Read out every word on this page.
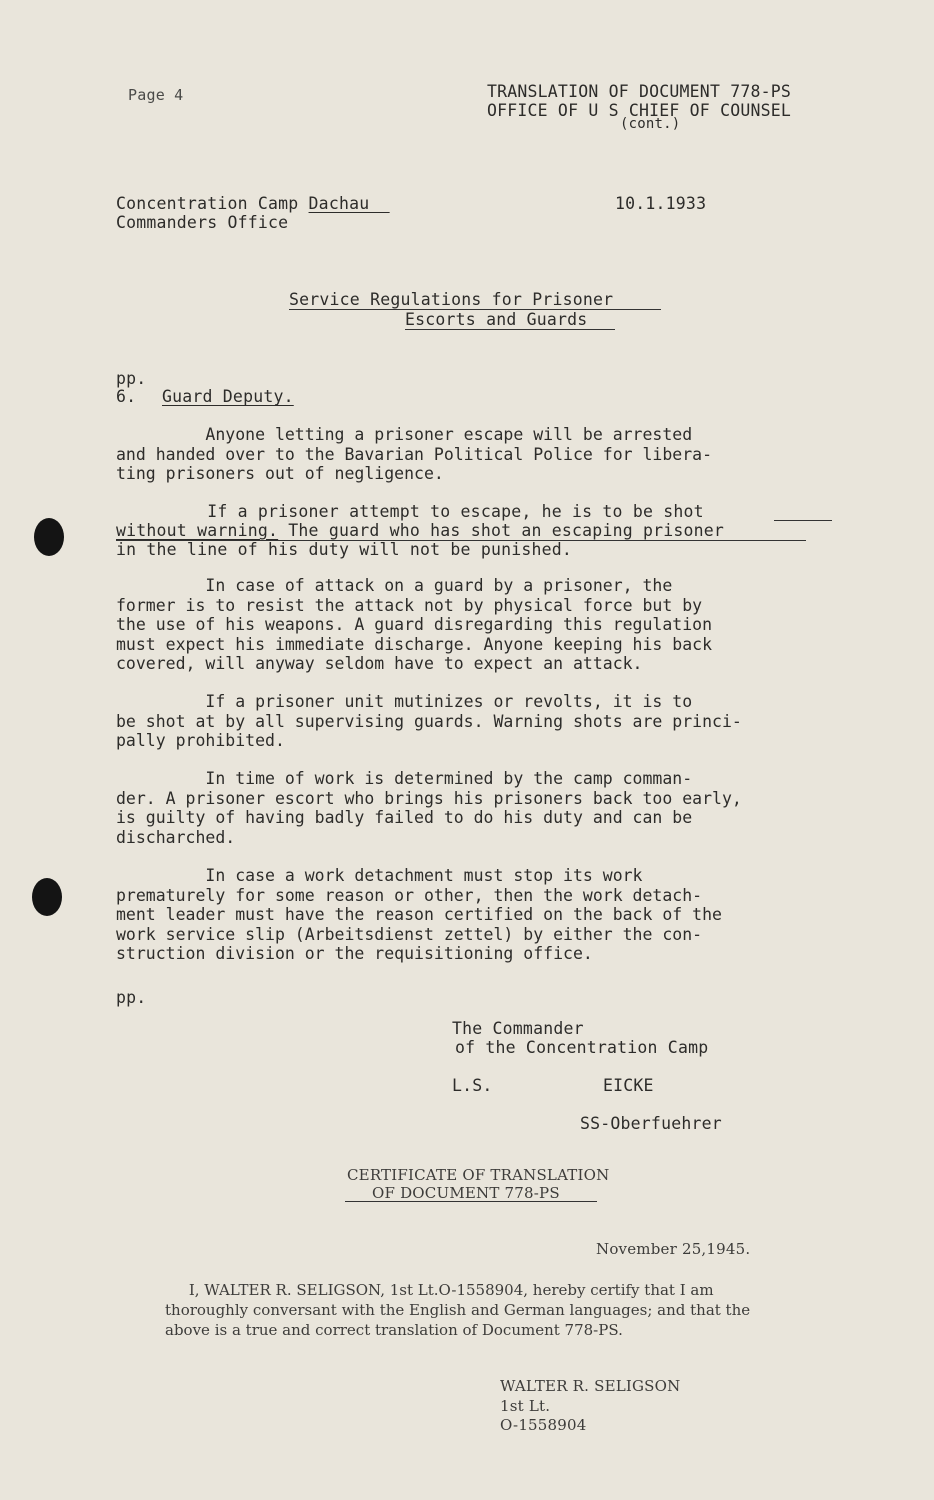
Page 4	TRANSLATION OF DOCUMENT 778-PS
OFFICE OF U S CHIEF OF COUNSEL
(cont.)
Concentration Camp Dachau
Commanders Office
10.1.1933
Service Regulations for Prisoner
Escorts and Guards
pp.
6. Guard Deputy.
Anyone letting a prisoner escape will be arrested
and handed over to the Bavarian Political Police for libera-
ting prisoners out of negligence.
If a prisoner attempt to escape, he is to be shot
without warning. The guard who has shot an escaping prisoner
in the line of his duty will not be punished.
In case of attack on a guard by a prisoner, the
former is to resist the attack not by physical force but by
the use of his weapons. A guard disregarding this regulation
must expect his immediate discharge. Anyone keeping his back
covered, will anyway seldom have to expect an attack.
If a prisoner unit mutinizes or revolts, it is to
be shot at by all supervising guards. Warning shots are princi-
pally prohibited.
In time of work is determined by the camp comman-
der. A prisoner escort who brings his prisoners back too early,
is guilty of having badly failed to do his duty and can be
discharched.
In case a work detachment must stop its work
prematurely for some reason or other, then the work detach-
ment leader must have the reason certified on the back of the
work service slip (Arbeitsdienst zettel) by either the con-
struction division or the requisitioning office.
pp.
The Commander
of the Concentration Camp
L.S.	EICKE
SS-Oberfuehrer
CERTIFICATE OF TRANSLATION
OF DOCUMENT 778-PS
November 25,1945.
I, WALTER R. SELIGSON, 1st Lt.O-1558904, hereby certify that I am
thoroughly conversant with the English and German languages; and that the
above is a true and correct translation of Document 778-PS.
WALTER R. SELIGSON
1st Lt.
O-1558904
